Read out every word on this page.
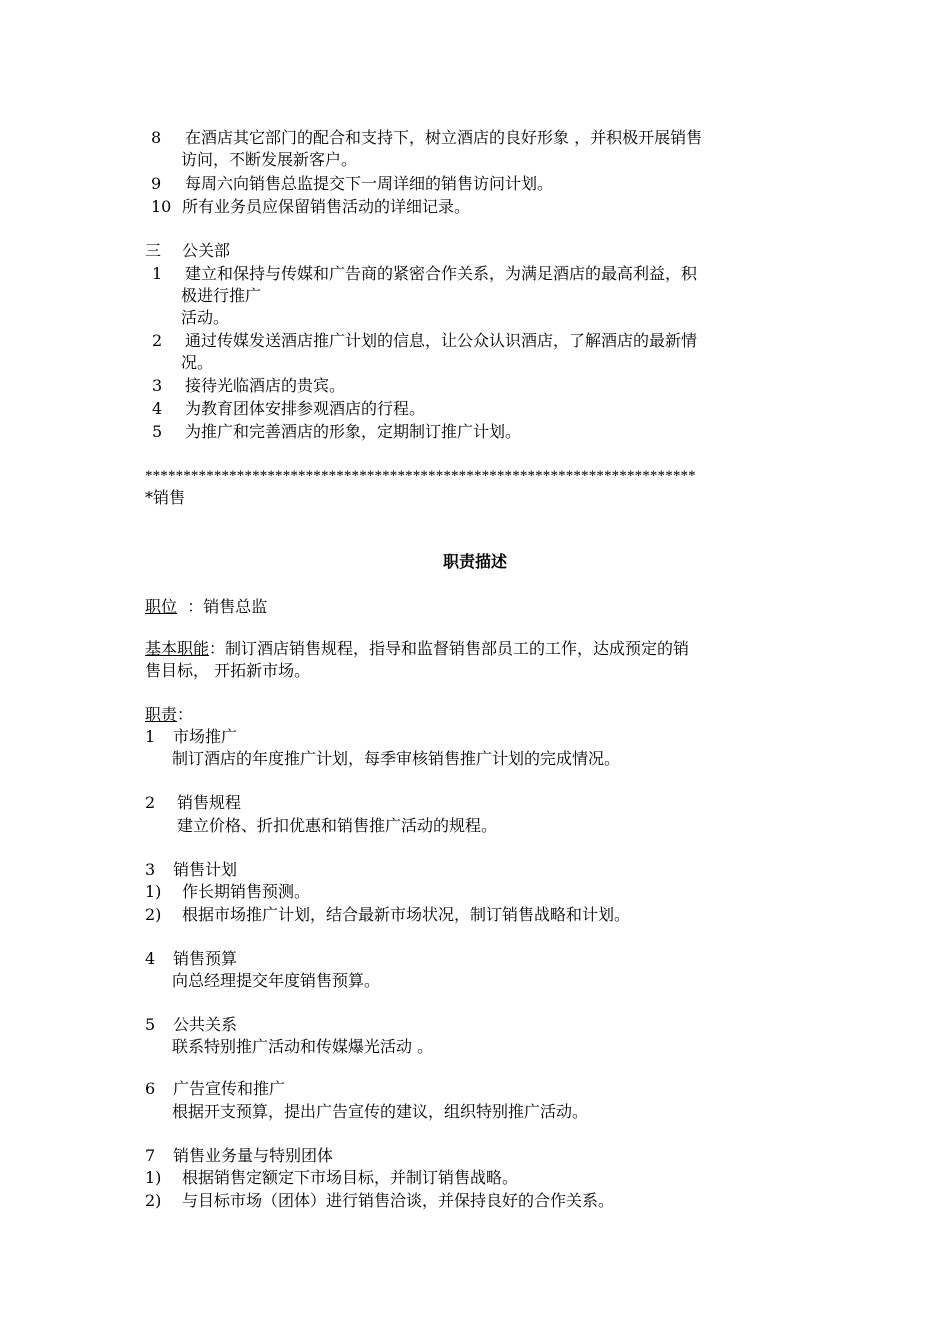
8 在酒店其它部门的配合和支持下，树立酒店的良好形象 ，并积极开展销售
访问，不断发展新客户。
9 每周六向销售总监提交下一周详细的销售访问计划。
10 所有业务员应保留销售活动的详细记录。
三 公关部
1 建立和保持与传媒和广告商的紧密合作关系，为满足酒店的最高利益，积
极进行推广
活动。
2 通过传媒发送酒店推广计划的信息，让公众认识酒店，了解酒店的最新情
况。
3 接待光临酒店的贵宾。
4 为教育团体安排参观酒店的行程。
5 为推广和完善酒店的形象，定期制订推广计划。
************************************************************************
*销售
职责描述
职位 ：销售总监
基本职能：制订酒店销售规程，指导和监督销售部员工的工作，达成预定的销
售目标， 开拓新市场。
职责：
1 市场推广
制订酒店的年度推广计划，每季审核销售推广计划的完成情况。
2 销售规程
建立价格、折扣优惠和销售推广活动的规程。
3 销售计划
1) 作长期销售预测。
2) 根据市场推广计划，结合最新市场状况，制订销售战略和计划。
4 销售预算
向总经理提交年度销售预算。
5 公共关系
联系特别推广活动和传媒爆光活动 。
6 广告宣传和推广
根据开支预算，提出广告宣传的建议，组织特别推广活动。
7 销售业务量与特别团体
1) 根据销售定额定下市场目标，并制订销售战略。
2) 与目标市场（团体）进行销售洽谈，并保持良好的合作关系。
